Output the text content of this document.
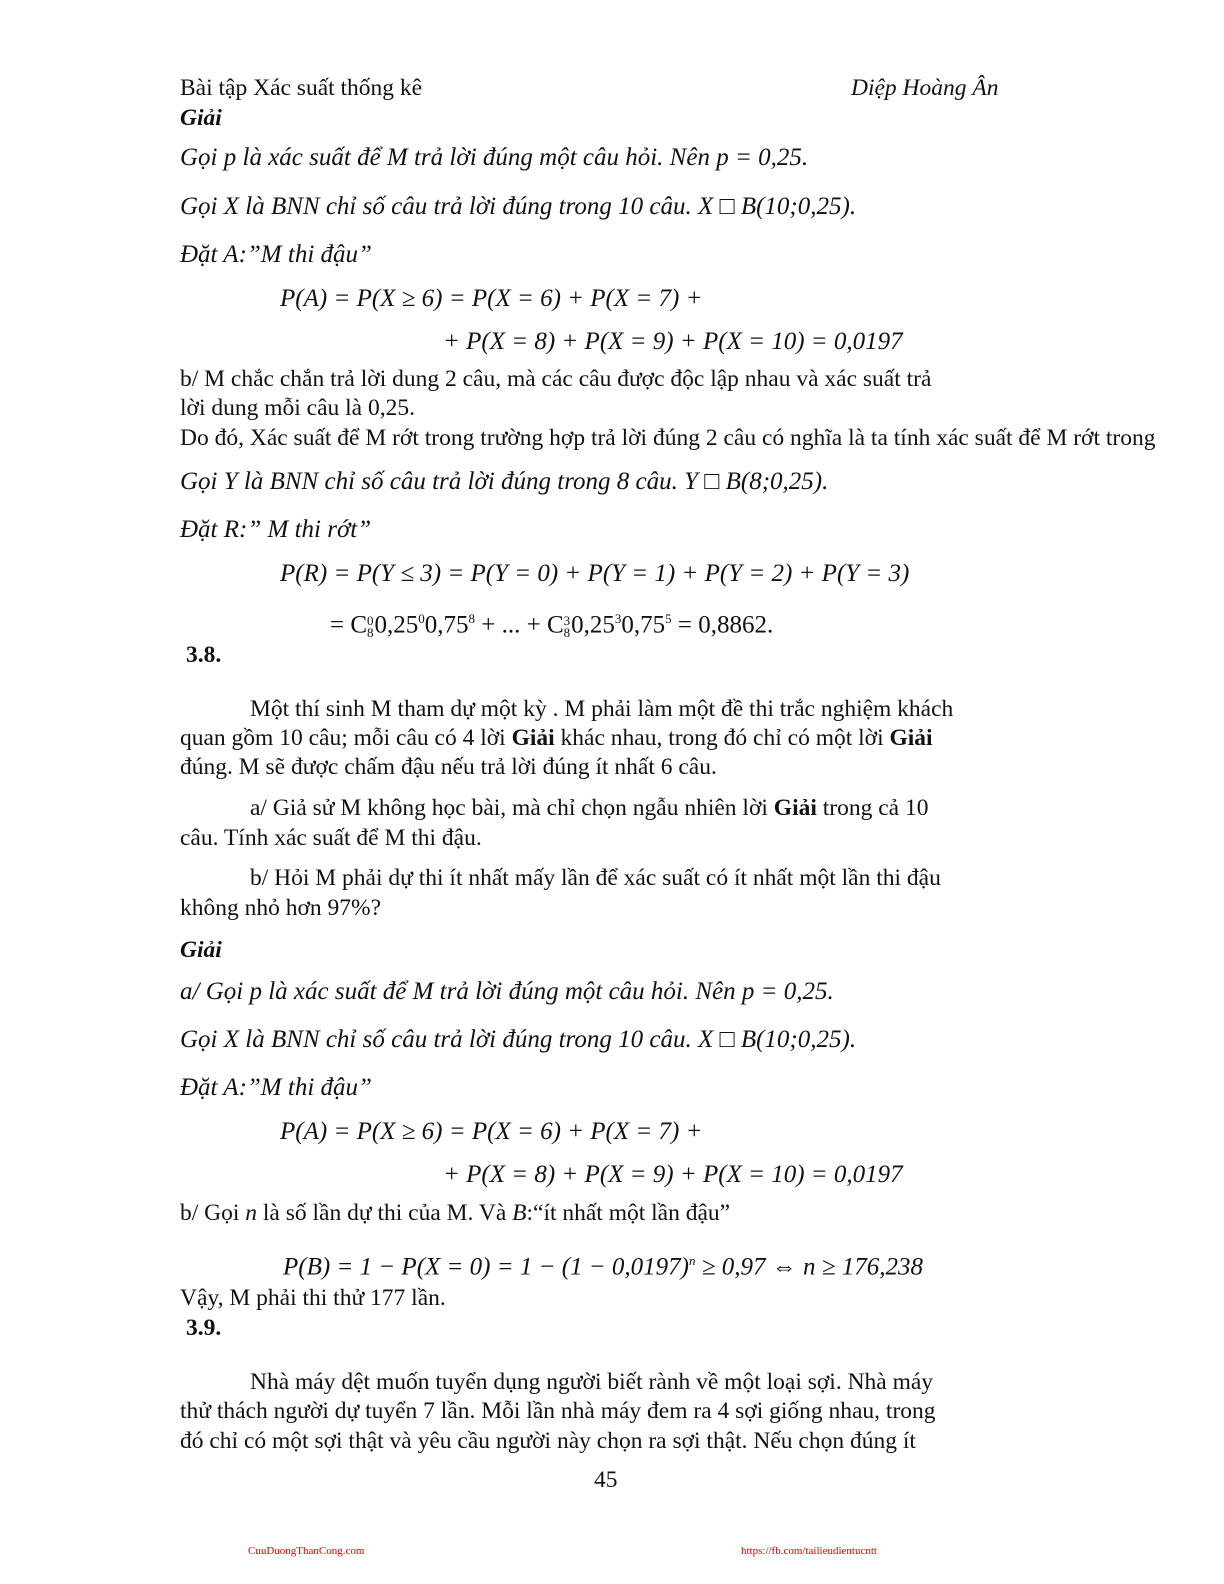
Bài tập Xác suất thống kê	Diệp Hoàng Ân
Giải
Gọi p là xác suất để M trả lời đúng một câu hỏi. Nên p = 0,25.
Gọi X là BNN chỉ số câu trả lời đúng trong 10 câu. X □ B(10;0,25).
Đặt A:”M thi đậu”
P(A) = P(X ≥ 6) = P(X = 6) + P(X = 7) +
+ P(X = 8) + P(X = 9) + P(X = 10) = 0,0197
b/ M chắc chắn trả lời dung 2 câu, mà các câu được độc lập nhau và xác suất trả
lời dung mỗi câu là 0,25.
Do đó, Xác suất để M rớt trong trường hợp trả lời đúng 2 câu có nghĩa là ta tính xác suất để M rớt trong
Gọi Y là BNN chỉ số câu trả lời đúng trong 8 câu. Y □ B(8;0,25).
Đặt R:” M thi rớt”
P(R) = P(Y ≤ 3) = P(Y = 0) + P(Y = 1) + P(Y = 2) + P(Y = 3)
= C0
$80,25^00,75^8$ + ... + C3
$80,25^30,75^5 = 0,8862$.
3.8.
Một thí sinh M tham dự một kỳ . M phải làm một đề thi trắc nghiệm khách
quan gồm 10 câu; mỗi câu có 4 lời Giải khác nhau, trong đó chỉ có một lời Giải
đúng. M sẽ được chấm đậu nếu trả lời đúng ít nhất 6 câu.
a/ Giả sử M không học bài, mà chỉ chọn ngẫu nhiên lời Giải trong cả 10
câu. Tính xác suất để M thi đậu.
b/ Hỏi M phải dự thi ít nhất mấy lần để xác suất có ít nhất một lần thi đậu
không nhỏ hơn 97%?
Giải
a/ Gọi p là xác suất để M trả lời đúng một câu hỏi. Nên p = 0,25.
Gọi X là BNN chỉ số câu trả lời đúng trong 10 câu. X □ B(10;0,25).
Đặt A:”M thi đậu”
P(A) = P(X ≥ 6) = P(X = 6) + P(X = 7) +
+ P(X = 8) + P(X = 9) + P(X = 10) = 0,0197
b/ Gọi n là số lần dự thi của M. Và B:“ít nhất một lần đậu”
$P(B) = 1 - P(X = 0) = 1 - (1 - 0,0197)^n \ge 0,97$ ⇔ n ≥ 176,238
Vậy, M phải thi thử 177 lần.
3.9.
Nhà máy dệt muốn tuyển dụng người biết rành về một loại sợi. Nhà máy
thử thách người dự tuyển 7 lần. Mỗi lần nhà máy đem ra 4 sợi giống nhau, trong
đó chỉ có một sợi thật và yêu cầu người này chọn ra sợi thật. Nếu chọn đúng ít
45
CuuDuongThanCong.com	https://fb.com/tailieudientucntt
